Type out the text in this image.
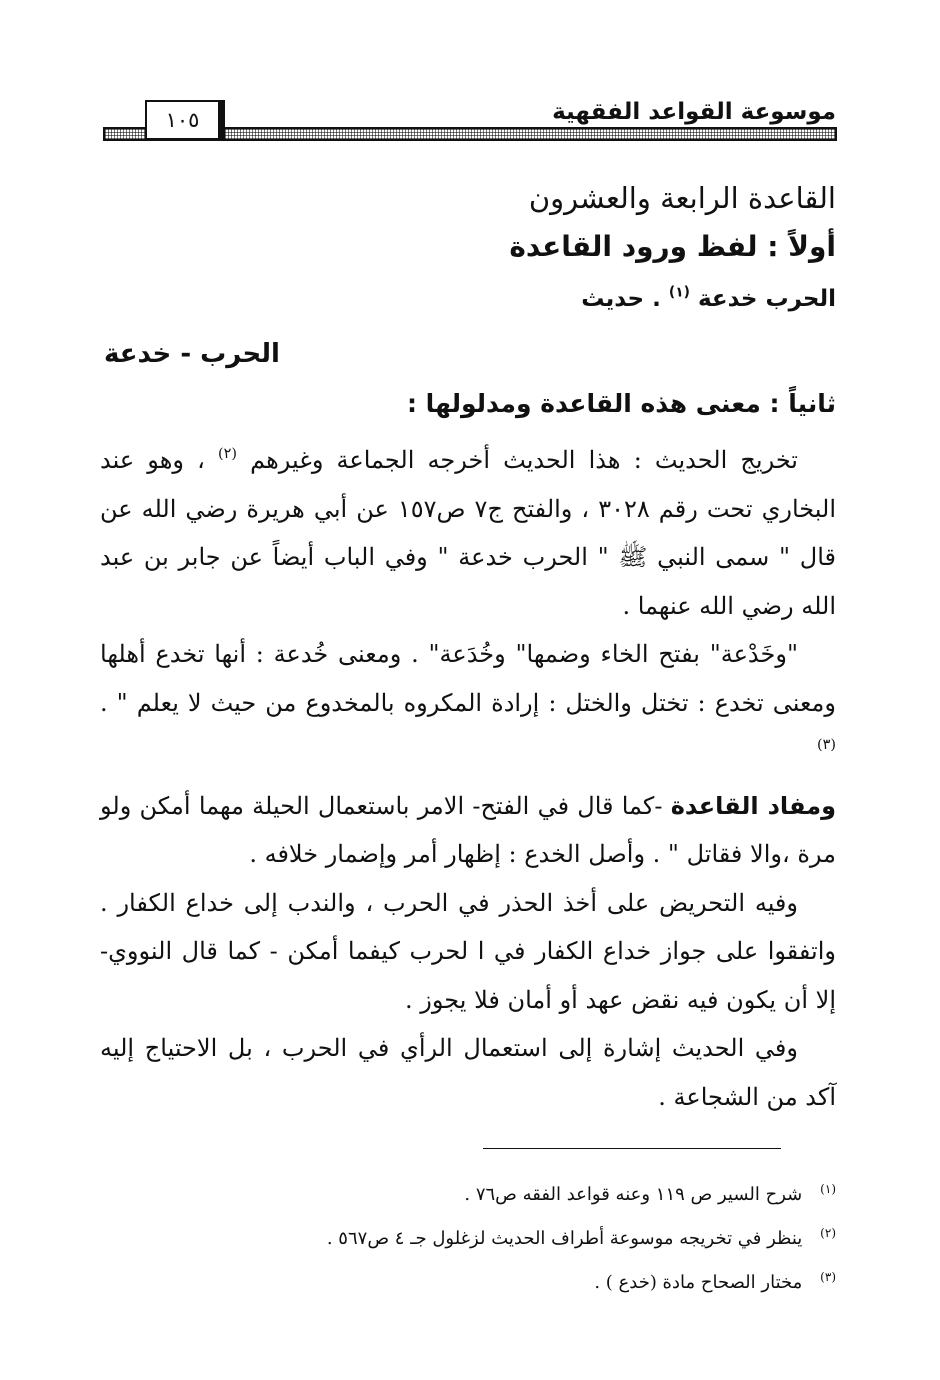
موسوعة القواعد الفقهية
١٠٥
القاعدة الرابعة والعشرون
أولاً : لفظ ورود القاعدة
الحرب خدعة $^{(١)}$ . حديث
الحرب - خدعة
ثانياً : معنى هذه القاعدة ومدلولها :

تخريج الحديث : هذا الحديث أخرجه الجماعة وغيرهم $^{(٢)}$ ، وهو عند البخاري تحت رقم ٣٠٢٨ ، والفتح ج٧ ص١٥٧ عن أبي هريرة رضي الله عن قال " سمى النبي ﷺ " الحرب خدعة " وفي الباب أيضاً عن جابر بن عبد الله رضي الله عنهما .

"وخَدْعة" بفتح الخاء وضمها" وخُدَعة" . ومعنى خُدعة : أنها تخدع أهلها ومعنى تخدع : تختل والختل : إرادة المكروه بالمخدوع من حيث لا يعلم " . $^{(٣)}$

ومفاد القاعدة -كما قال في الفتح- الامر باستعمال الحيلة مهما أمكن ولو مرة ،والا فقاتل " . وأصل الخدع : إظهار أمر وإضمار خلافه .

وفيه التحريض على أخذ الحذر في الحرب ، والندب إلى خداع الكفار . واتفقوا على جواز خداع الكفار في ا لحرب كيفما أمكن - كما قال النووي- إلا أن يكون فيه نقض عهد أو أمان فلا يجوز .

وفي الحديث إشارة إلى استعمال الرأي في الحرب ، بل الاحتياج إليه آكد من الشجاعة .

(١) شرح السير ص ١١٩ وعنه قواعد الفقه ص٧٦ .
(٢) ينظر في تخريجه موسوعة أطراف الحديث لزغلول جـ ٤ ص٥٦٧ .
(٣) مختار الصحاح مادة (خدع ) .
